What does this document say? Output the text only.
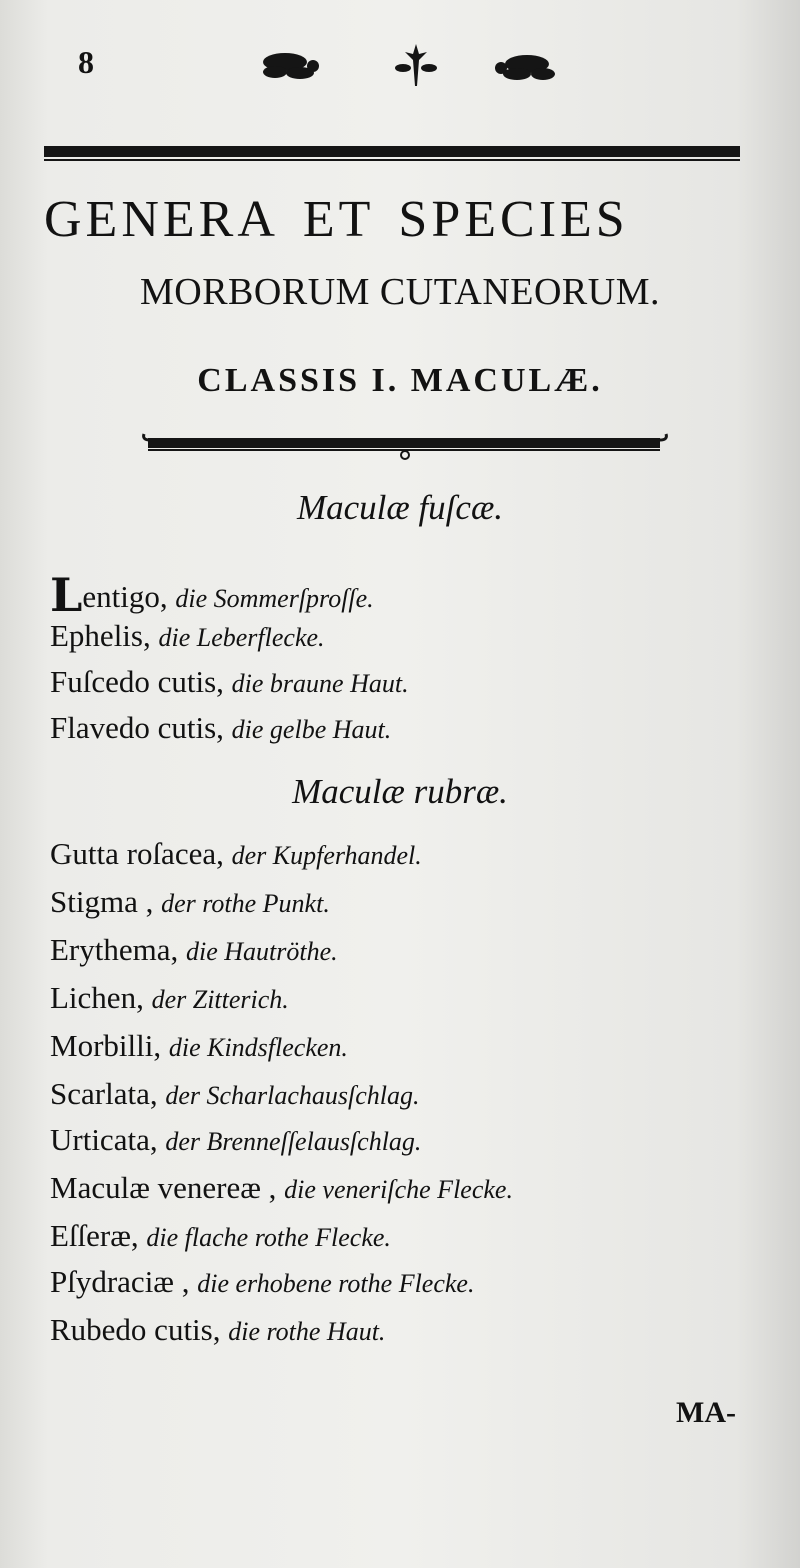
8
GENERA ET SPECIES
MORBORUM CUTANEORUM.
CLASSIS I. MACULÆ.
Maculæ fuſcæ.
Lentigo, die Sommerſproſſe.
Ephelis, die Leberflecke.
Fuſcedo cutis, die braune Haut.
Flavedo cutis, die gelbe Haut.
Maculæ rubræ.
Gutta roſacea, der Kupferhandel.
Stigma , der rothe Punkt.
Erythema, die Hautröthe.
Lichen, der Zitterich.
Morbilli, die Kindsflecken.
Scarlata, der Scharlachausſchlag.
Urticata, der Brenneſſelausſchlag.
Maculæ venereæ , die veneriſche Flecke.
Eſſeræ, die flache rothe Flecke.
Pſydraciæ , die erhobene rothe Flecke.
Rubedo cutis, die rothe Haut.
MA-
